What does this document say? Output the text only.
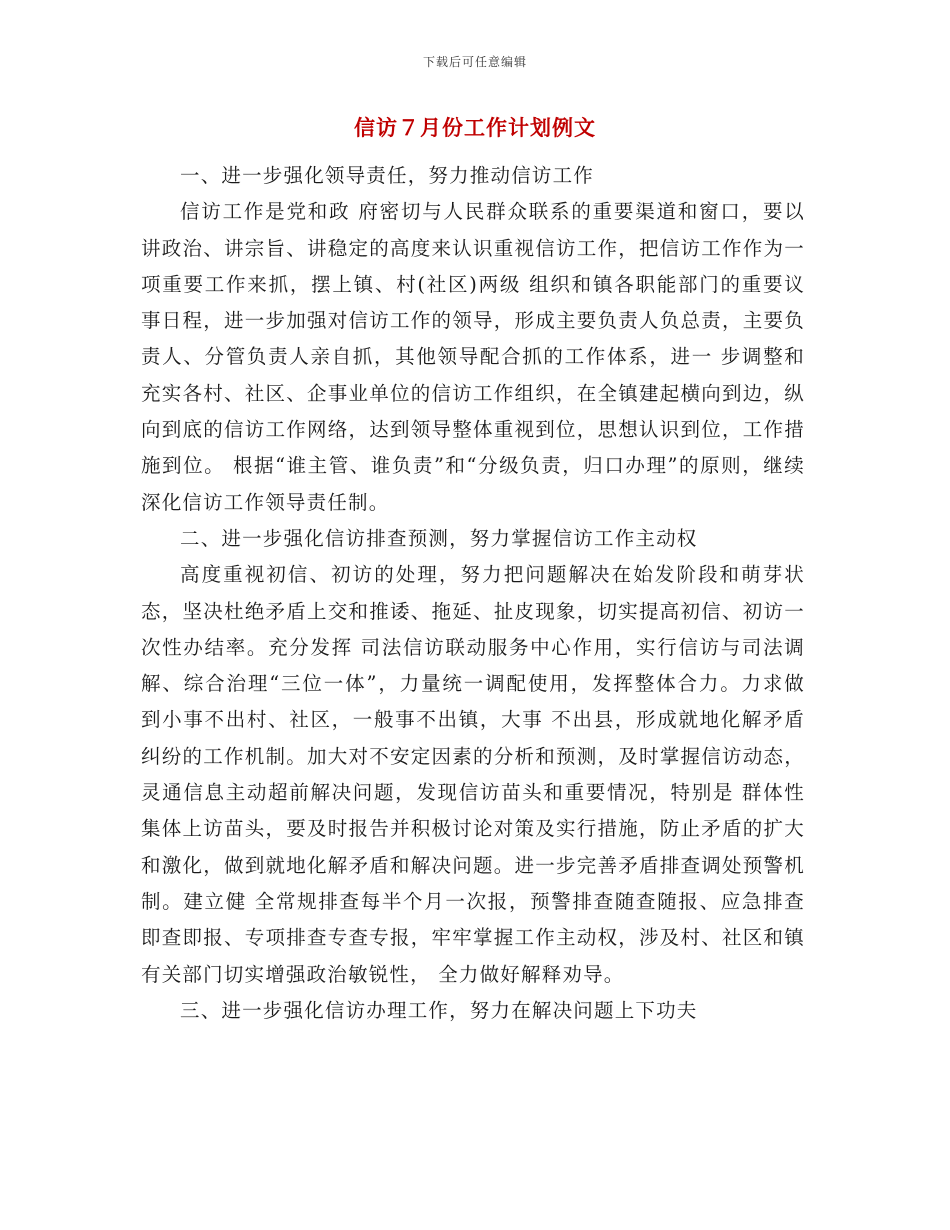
下载后可任意编辑
信访７月份工作计划例文

一、进一步强化领导责任，努力推动信访工作

信访工作是党和政 府密切与人民群众联系的重要渠道和窗口，要以讲政治、讲宗旨、讲稳定的高度来认识重视信访工作，把信访工作作为一项重要工作来抓，摆上镇、村(社区)两级 组织和镇各职能部门的重要议事日程，进一步加强对信访工作的领导，形成主要负责人负总责，主要负责人、分管负责人亲自抓，其他领导配合抓的工作体系，进一 步调整和充实各村、社区、企事业单位的信访工作组织，在全镇建起横向到边，纵向到底的信访工作网络，达到领导整体重视到位，思想认识到位，工作措施到位。 根据“谁主管、谁负责”和“分级负责，归口办理”的原则，继续深化信访工作领导责任制。

二、进一步强化信访排查预测，努力掌握信访工作主动权

高度重视初信、初访的处理，努力把问题解决在始发阶段和萌芽状态，坚决杜绝矛盾上交和推诿、拖延、扯皮现象，切实提高初信、初访一次性办结率。充分发挥 司法信访联动服务中心作用，实行信访与司法调解、综合治理“三位一体”，力量统一调配使用，发挥整体合力。力求做到小事不出村、社区，一般事不出镇，大事 不出县，形成就地化解矛盾纠纷的工作机制。加大对不安定因素的分析和预测，及时掌握信访动态，灵通信息主动超前解决问题，发现信访苗头和重要情况，特别是 群体性集体上访苗头，要及时报告并积极讨论对策及实行措施，防止矛盾的扩大和激化，做到就地化解矛盾和解决问题。进一步完善矛盾排查调处预警机制。建立健 全常规排查每半个月一次报，预警排查随查随报、应急排查即查即报、专项排查专查专报，牢牢掌握工作主动权，涉及村、社区和镇有关部门切实增强政治敏锐性， 全力做好解释劝导。

三、进一步强化信访办理工作，努力在解决问题上下功夫
